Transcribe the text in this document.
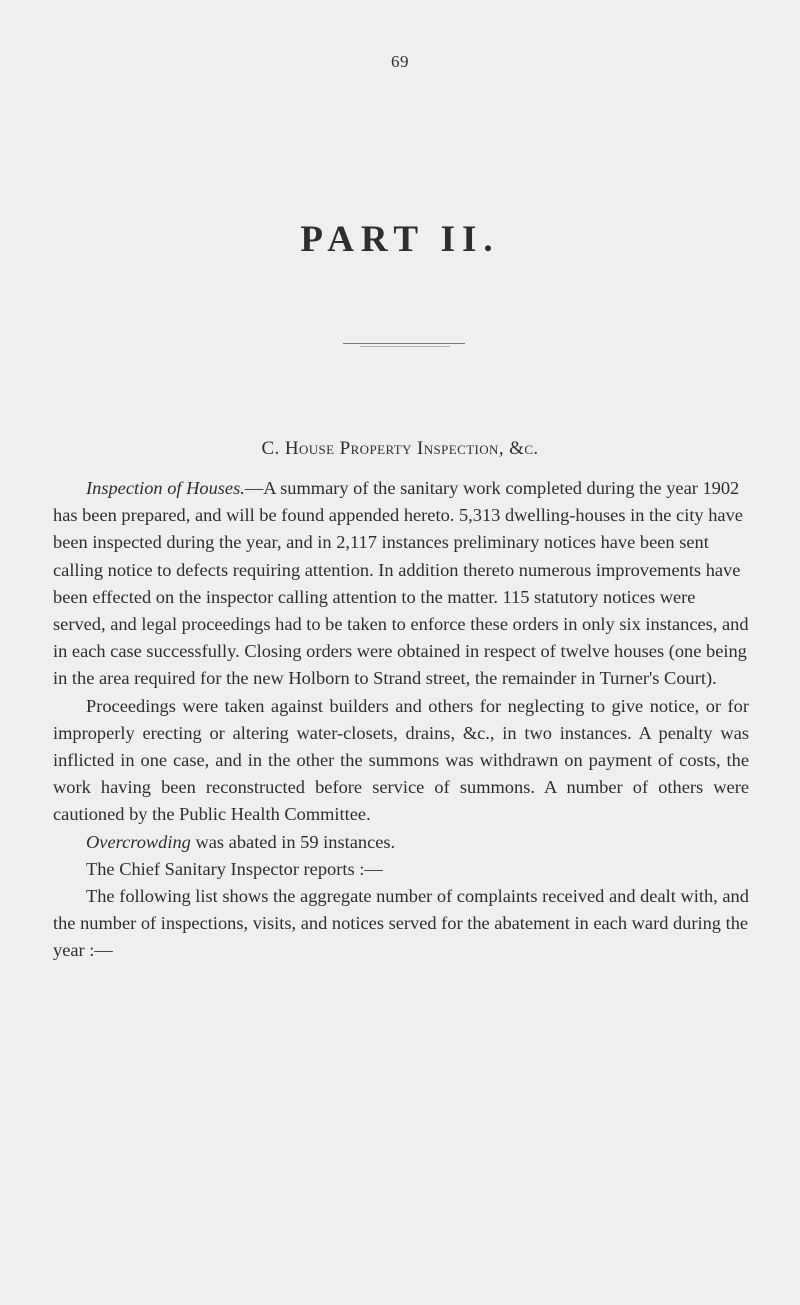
69
PART II.
C. House Property Inspection, &c.

Inspection of Houses.—A summary of the sanitary work completed during the year 1902 has been prepared, and will be found appended hereto. 5,313 dwelling-houses in the city have been inspected during the year, and in 2,117 instances preliminary notices have been sent calling notice to defects requiring attention. In addition thereto numerous improvements have been effected on the inspector calling attention to the matter. 115 statutory notices were served, and legal proceedings had to be taken to enforce these orders in only six instances, and in each case successfully. Closing orders were obtained in respect of twelve houses (one being in the area required for the new Holborn to Strand street, the remainder in Turner's Court).

Proceedings were taken against builders and others for neglecting to give notice, or for improperly erecting or altering water-closets, drains, &c., in two instances. A penalty was inflicted in one case, and in the other the summons was withdrawn on payment of costs, the work having been reconstructed before service of summons. A number of others were cautioned by the Public Health Committee.

Overcrowding was abated in 59 instances.

The Chief Sanitary Inspector reports :—

The following list shows the aggregate number of complaints received and dealt with, and the number of inspections, visits, and notices served for the abatement in each ward during the year :—
